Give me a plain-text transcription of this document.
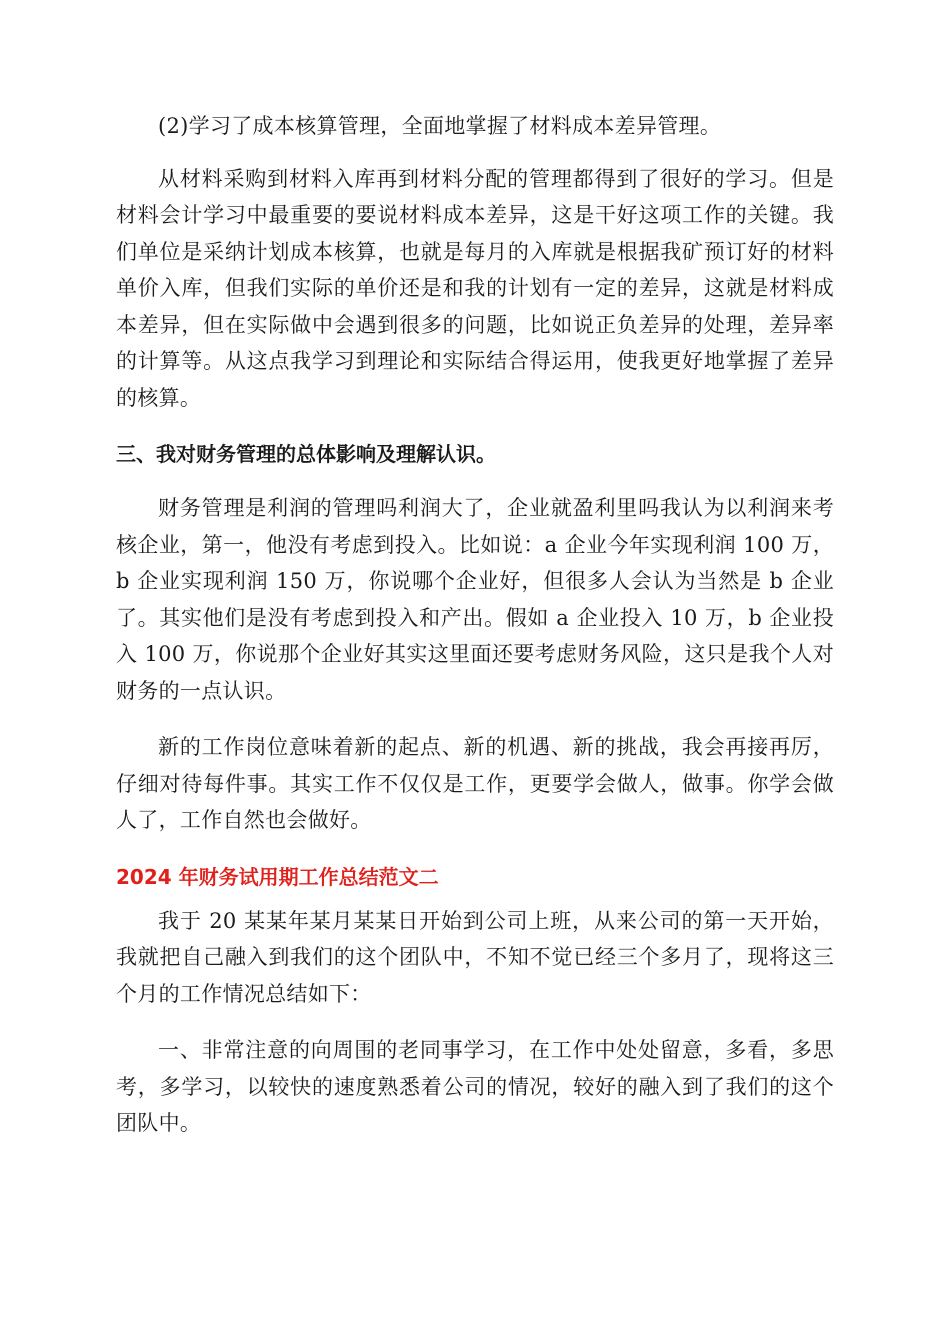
(2)学习了成本核算管理，全面地掌握了材料成本差异管理。

从材料采购到材料入库再到材料分配的管理都得到了很好的学习。但是材料会计学习中最重要的要说材料成本差异，这是干好这项工作的关键。我们单位是采纳计划成本核算，也就是每月的入库就是根据我矿预订好的材料单价入库，但我们实际的单价还是和我的计划有一定的差异，这就是材料成本差异，但在实际做中会遇到很多的问题，比如说正负差异的处理，差异率的计算等。从这点我学习到理论和实际结合得运用，使我更好地掌握了差异的核算。

三、我对财务管理的总体影响及理解认识。

财务管理是利润的管理吗利润大了，企业就盈利里吗我认为以利润来考核企业，第一，他没有考虑到投入。比如说：a 企业今年实现利润 100 万，b 企业实现利润 150 万，你说哪个企业好，但很多人会认为当然是 b 企业了。其实他们是没有考虑到投入和产出。假如 a 企业投入 10 万，b 企业投入 100 万，你说那个企业好其实这里面还要考虑财务风险，这只是我个人对财务的一点认识。

新的工作岗位意味着新的起点、新的机遇、新的挑战，我会再接再厉，仔细对待每件事。其实工作不仅仅是工作，更要学会做人，做事。你学会做人了，工作自然也会做好。

2024 年财务试用期工作总结范文二

我于 20 某某年某月某某日开始到公司上班，从来公司的第一天开始，我就把自己融入到我们的这个团队中，不知不觉已经三个多月了，现将这三个月的工作情况总结如下：

一、非常注意的向周围的老同事学习，在工作中处处留意，多看，多思考，多学习，以较快的速度熟悉着公司的情况，较好的融入到了我们的这个团队中。
